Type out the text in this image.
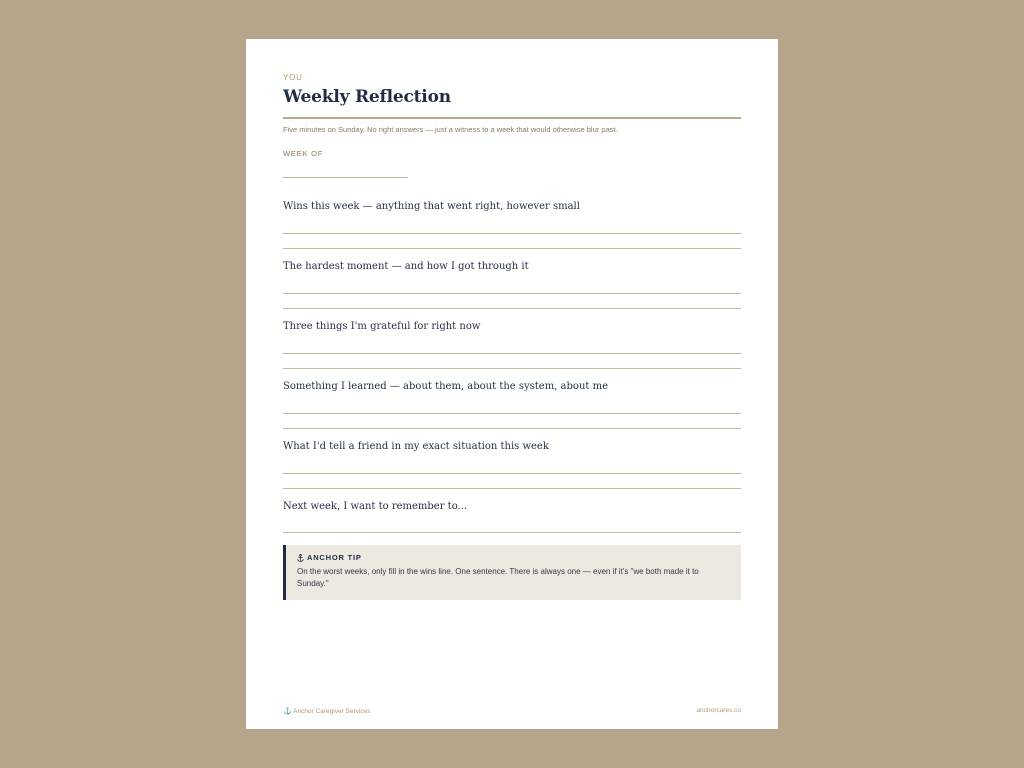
YOU
Weekly Reflection
Five minutes on Sunday. No right answers — just a witness to a week that would otherwise blur past.
WEEK OF
Wins this week — anything that went right, however small
The hardest moment — and how I got through it
Three things I'm grateful for right now
Something I learned — about them, about the system, about me
What I'd tell a friend in my exact situation this week
Next week, I want to remember to...
ANCHOR TIP
On the worst weeks, only fill in the wins line. One sentence. There is always one — even if it's "we both made it to Sunday."
⚓ Anchor Caregiver Services	anchorcares.co
